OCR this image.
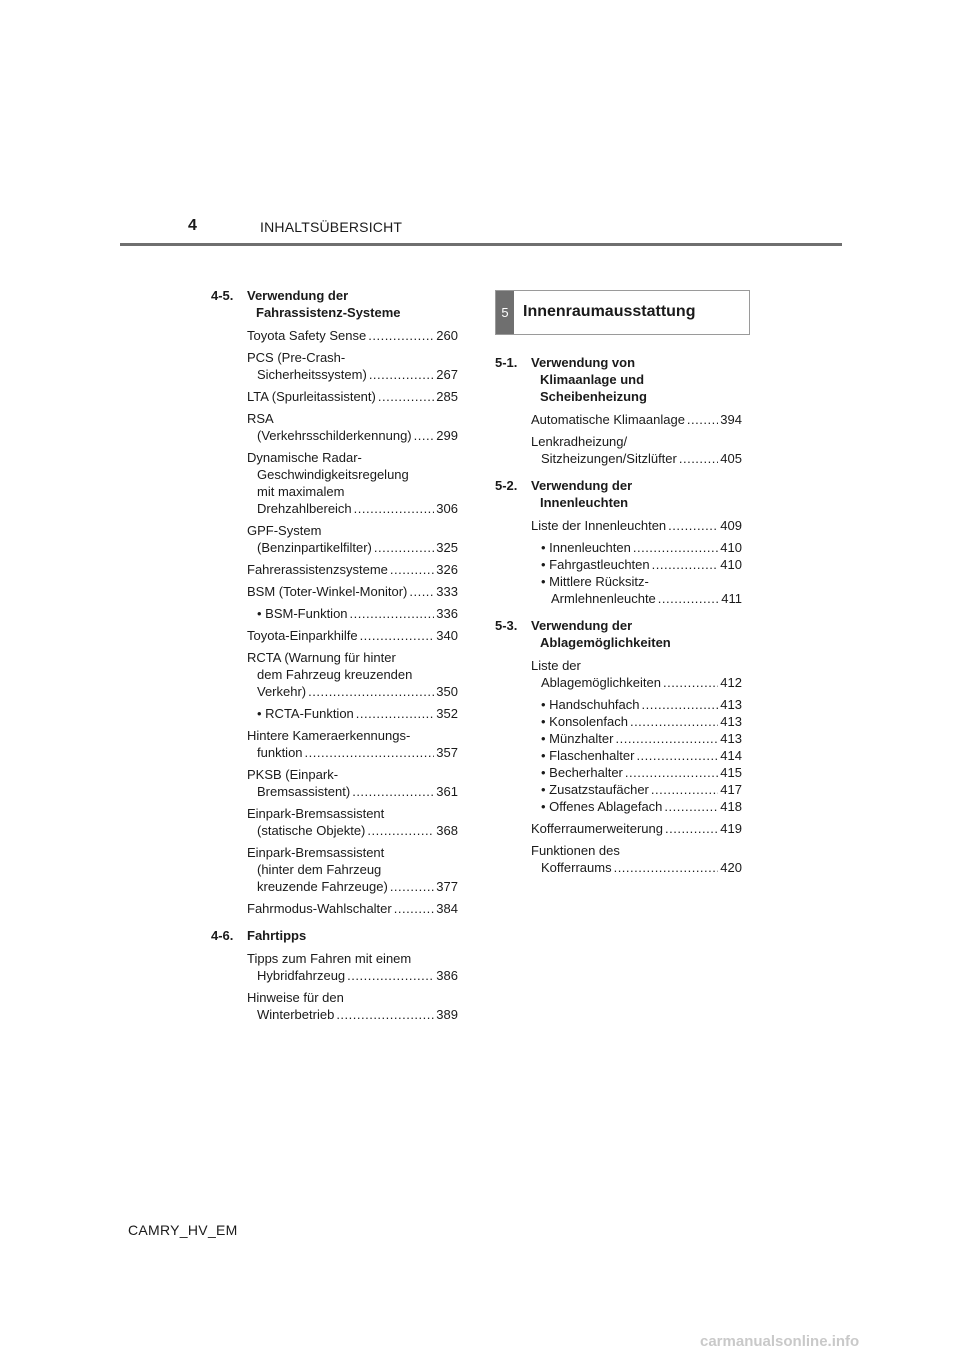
4	INHALTSÜBERSICHT
4-5. Verwendung der
Fahrassistenz-Systeme
Toyota Safety Sense .....	260
PCS (Pre-Crash-
Sicherheitssystem) .....	267
LTA (Spurleitassistent) .....	285
RSA
(Verkehrsschilderkennung) ..... 299
Dynamische Radar-
Geschwindigkeitsregelung
mit maximalem
Drehzahlbereich .....	306
GPF-System
(Benzinpartikelfilter) .....	325
Fahrerassistenzsysteme .....	326
BSM (Toter-Winkel-Monitor) ..... 333
• BSM-Funktion .....	336
Toyota-Einparkhilfe .....	340
RCTA (Warnung für hinter
dem Fahrzeug kreuzenden
Verkehr) .....	350
• RCTA-Funktion .....	352
Hintere Kameraerkennungs-
funktion .....	357
PKSB (Einpark-
Bremsassistent) .....	361
Einpark-Bremsassistent
(statische Objekte) .....	368
Einpark-Bremsassistent
(hinter dem Fahrzeug
kreuzende Fahrzeuge) .....	377
Fahrmodus-Wahlschalter .....	384
4-6. Fahrtipps
Tipps zum Fahren mit einem
Hybridfahrzeug .....	386
Hinweise für den
Winterbetrieb .....	389
5 Innenraumausstattung
5-1. Verwendung von
Klimaanlage und
Scheibenheizung
Automatische Klimaanlage .....	394
Lenkradheizung/
Sitzheizungen/Sitzlüfter .....	405
5-2. Verwendung der
Innenleuchten
Liste der Innenleuchten .....	409
• Innenleuchten .....	410
• Fahrgastleuchten .....	410
• Mittlere Rücksitz-
Armlehnenleuchte .....	411
5-3. Verwendung der
Ablagemöglichkeiten
Liste der
Ablagemöglichkeiten .....	412
• Handschuhfach .....	413
• Konsolenfach .....	413
• Münzhalter .....	413
• Flaschenhalter .....	414
• Becherhalter .....	415
• Zusatzstaufächer .....	417
• Offenes Ablagefach .....	418
Kofferraumerweiterung .....	419
Funktionen des
Kofferraums .....	420
CAMRY_HV_EM
carmanualsonline.info
